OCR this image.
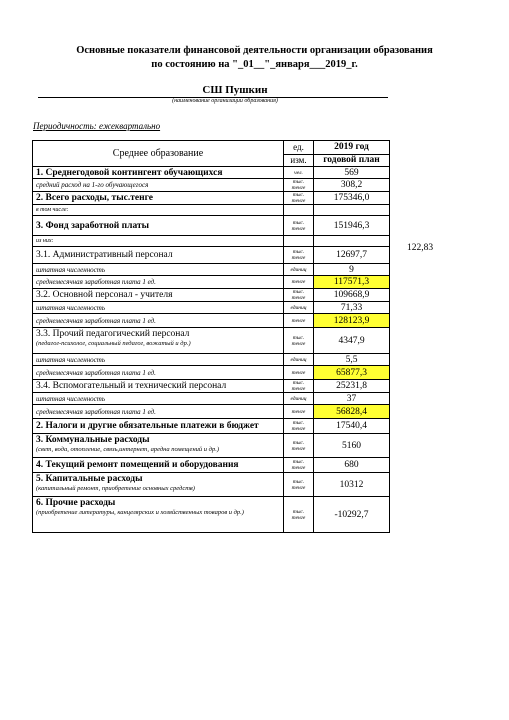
Основные показатели финансовой деятельности организации образования
по состоянию на "_01__"_января___2019_г.
СШ Пушкин
(наименование организации образования)
Периодичность: ежеквартально
122,83
Среднее образование	ед.	2019 год
	изм.	годовой план
1. Среднегодовой контингент обучающихся	чел.	569
средний расход на 1-го обучающегося	тыс. тенге	308,2
2. Всего расходы, тыс.тенге	тыс. тенге	175346,0
в том числе:		
3. Фонд заработной платы	тыс. тенге	151946,3
из них:		
3.1. Административный персонал	тыс. тенге	12697,7
штатная численность	единиц	9
среднемесячная заработная плата 1 ед.	тенге	117571,3
3.2. Основной персонал - учителя	тыс. тенге	109668,9
штатная численность	единиц	71,33
среднемесячная заработная плата 1 ед.	тенге	128123,9
3.3. Прочий педагогический персонал
(педагог-психолог, социальный педагог, вожатый и др.)	тыс. тенге	4347,9
штатная численность	единиц	5,5
среднемесячная заработная плата 1 ед.	тенге	65877,3
3.4. Вспомогательный и технический персонал	тыс. тенге	25231,8
штатная численность	единиц	37
среднемесячная заработная плата 1 ед.	тенге	56828,4
2. Налоги и другие обязательные платежи в бюджет	тыс. тенге	17540,4
3. Коммунальные расходы
(свет, вода, отопление, связь,интернет, аредна помещений и др.)	тыс. тенге	5160
4. Текущий ремонт помещений и оборудования	тыс. тенге	680
5. Капитальные расходы
(капитальный ремонт, приобретение основных средств)	тыс. тенге	10312
6. Прочие расходы
(приобретение литературы, канцелярских и хозяйственных товаров и др.)	тыс. тенге	-10292,7
